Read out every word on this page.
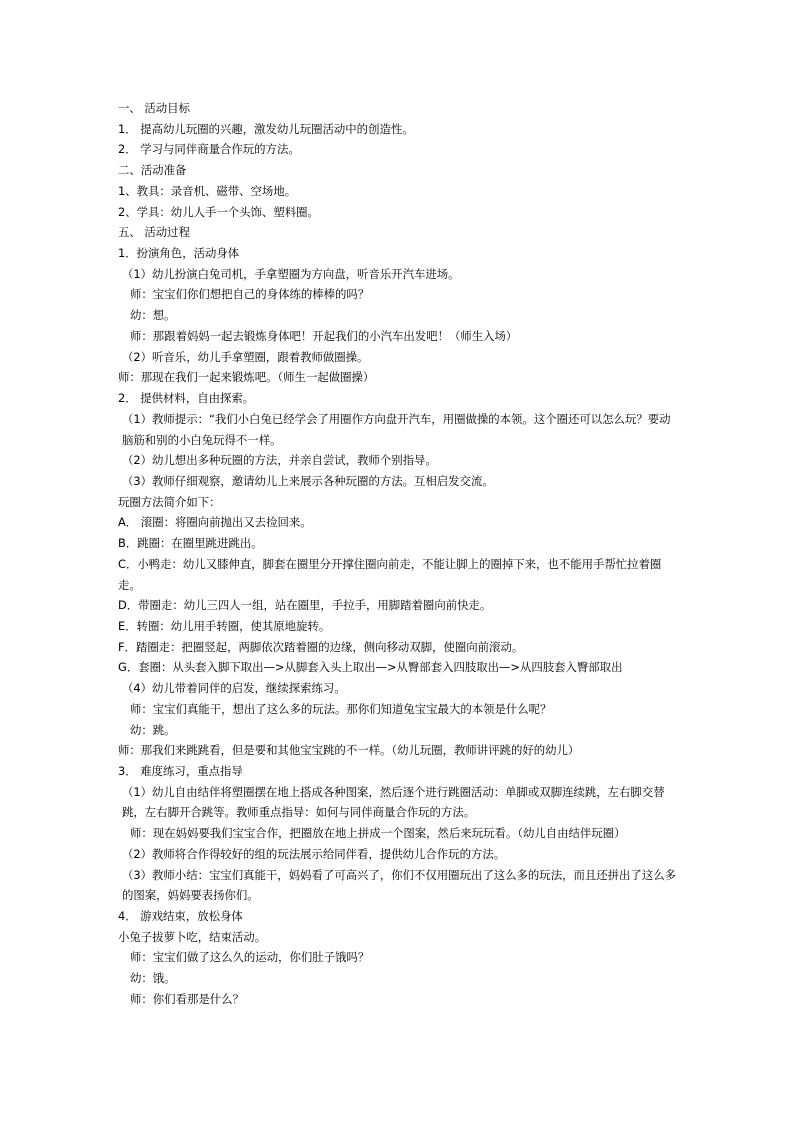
一、 活动目标
1． 提高幼儿玩圈的兴趣，激发幼儿玩圈活动中的创造性。
2． 学习与同伴商量合作玩的方法。
二、活动准备
1、教具：录音机、磁带、空场地。
2、学具：幼儿人手一个头饰、塑料圈。
五、 活动过程
1．扮演角色，活动身体
（1）幼儿扮演白兔司机，手拿塑圈为方向盘，听音乐开汽车进场。
师：宝宝们你们想把自己的身体练的棒棒的吗？
幼：想。
师：那跟着妈妈一起去锻炼身体吧！开起我们的小汽车出发吧！（师生入场）
（2）听音乐，幼儿手拿塑圈，跟着教师做圈操。
师：那现在我们一起来锻炼吧。（师生一起做圈操）
2． 提供材料，自由探索。
（1）教师提示：“我们小白兔已经学会了用圈作方向盘开汽车，用圈做操的本领。这个圈还可以怎么玩？要动脑筋和别的小白兔玩得不一样。
（2）幼儿想出多种玩圈的方法，并亲自尝试，教师个别指导。
（3）教师仔细观察，邀请幼儿上来展示各种玩圈的方法。互相启发交流。
玩圈方法简介如下：
A． 滚圈：将圈向前抛出又去捡回来。
B．跳圈：在圈里跳进跳出。
C．小鸭走：幼儿又膝伸直，脚套在圈里分开撑住圈向前走，不能让脚上的圈掉下来，也不能用手帮忙拉着圈走。
D．带圈走：幼儿三四人一组，站在圈里，手拉手，用脚踏着圈向前快走。
E．转圈：幼儿用手转圈，使其原地旋转。
F．踏圈走：把圈竖起，两脚依次踏着圈的边缘，侧向移动双脚，使圈向前滚动。
G．套圈：从头套入脚下取出—>从脚套入头上取出—>从臀部套入四肢取出—>从四肢套入臀部取出
（4）幼儿带着同伴的启发，继续探索练习。
师：宝宝们真能干，想出了这么多的玩法。那你们知道兔宝宝最大的本领是什么呢？
幼：跳。
师：那我们来跳跳看，但是要和其他宝宝跳的不一样。（幼儿玩圈，教师讲评跳的好的幼儿）
3． 难度练习，重点指导
（1）幼儿自由结伴将塑圈摆在地上搭成各种图案，然后逐个进行跳圈活动：单脚或双脚连续跳，左右脚交替跳，左右脚开合跳等。教师重点指导：如何与同伴商量合作玩的方法。
师：现在妈妈要我们宝宝合作，把圈放在地上拼成一个图案，然后来玩玩看。（幼儿自由结伴玩圈）
（2）教师将合作得较好的组的玩法展示给同伴看，提供幼儿合作玩的方法。
（3）教师小结：宝宝们真能干，妈妈看了可高兴了，你们不仅用圈玩出了这么多的玩法，而且还拼出了这么多的图案，妈妈要表扬你们。
4． 游戏结束，放松身体
小兔子拔萝卜吃，结束活动。
师：宝宝们做了这么久的运动，你们肚子饿吗？
幼：饿。
师：你们看那是什么？
